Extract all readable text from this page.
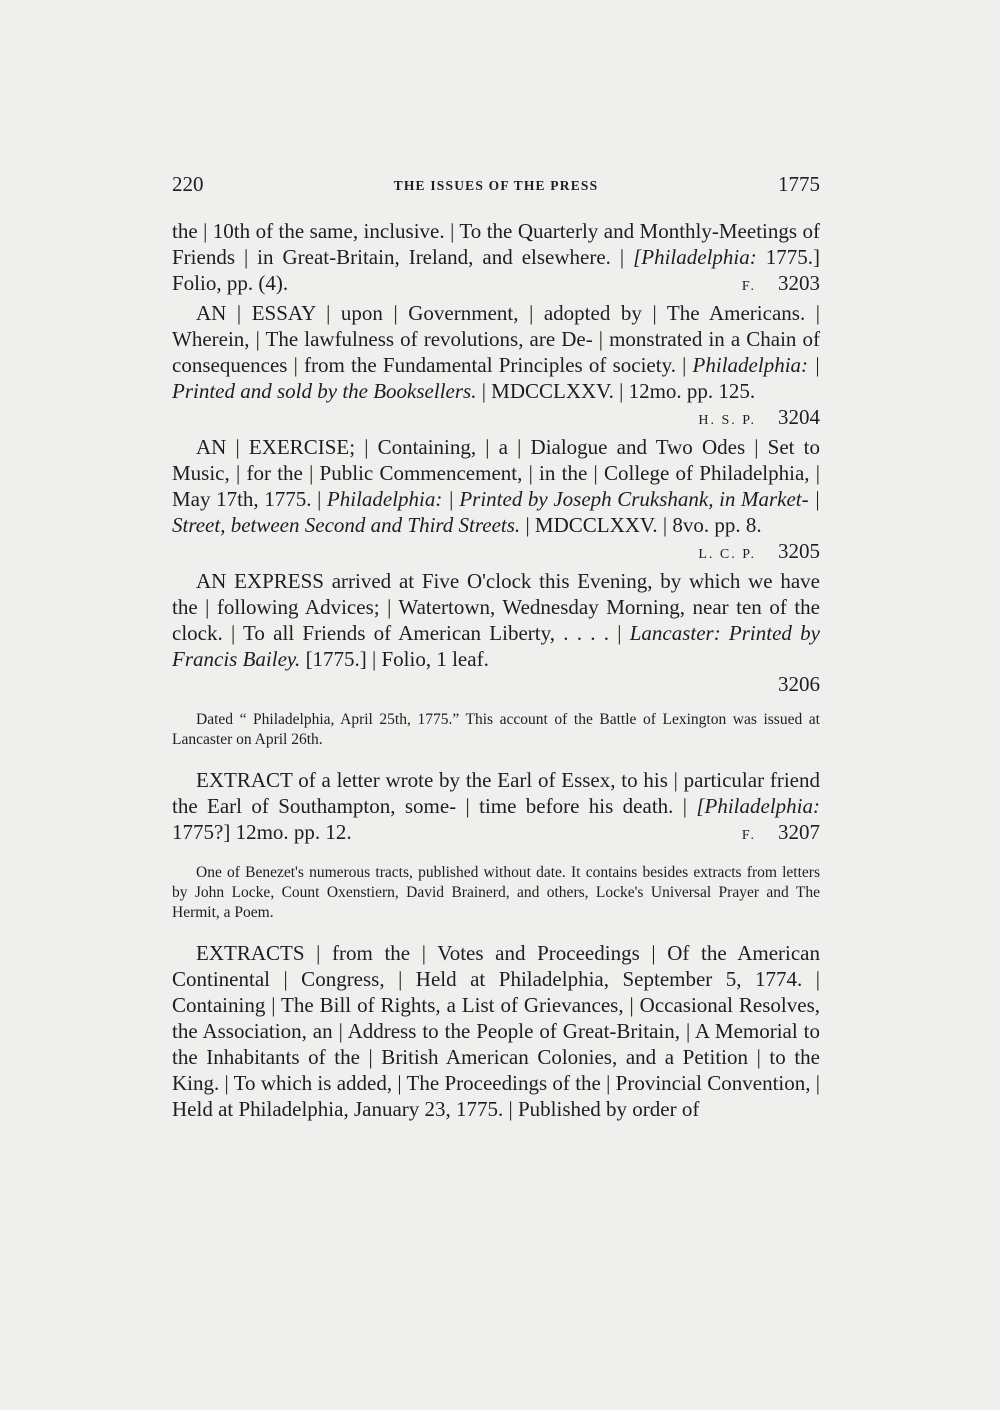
220	THE ISSUES OF THE PRESS	1775

the | 10th of the same, inclusive. | To the Quarterly and Monthly-Meetings of Friends | in Great-Britain, Ireland, and elsewhere. | [Philadelphia: 1775.] Folio, pp. (4).	F. 3203

AN | ESSAY | upon | Government, | adopted by | The Americans. | Wherein, | The lawfulness of revolutions, are De- | monstrated in a Chain of consequences | from the Fundamental Principles of society. | Philadelphia: | Printed and sold by the Booksellers. | MDCCLXXV. | 12mo. pp. 125.
H. S. P. 3204

AN | EXERCISE; | Containing, | a | Dialogue and Two Odes | Set to Music, | for the | Public Commencement, | in the | College of Philadelphia, | May 17th, 1775. | Philadelphia: | Printed by Joseph Crukshank, in Market- | Street, between Second and Third Streets. | MDCCLXXV. | 8vo. pp. 8.
L. C. P. 3205

AN EXPRESS arrived at Five O'clock this Evening, by which we have the | following Advices; | Watertown, Wednesday Morning, near ten of the clock. | To all Friends of American Liberty, . . . . | Lancaster: Printed by Francis Bailey. [1775.] | Folio, 1 leaf.

3206

Dated “ Philadelphia, April 25th, 1775.” This account of the Battle of Lexington was issued at Lancaster on April 26th.

EXTRACT of a letter wrote by the Earl of Essex, to his | particular friend the Earl of Southampton, some- | time before his death. | [Philadelphia: 1775?] 12mo. pp. 12.	F. 3207

One of Benezet's numerous tracts, published without date. It contains besides extracts from letters by John Locke, Count Oxenstiern, David Brainerd, and others, Locke's Universal Prayer and The Hermit, a Poem.

EXTRACTS | from the | Votes and Proceedings | Of the American Continental | Congress, | Held at Philadelphia, September 5, 1774. | Containing | The Bill of Rights, a List of Grievances, | Occasional Resolves, the Association, an | Address to the People of Great-Britain, | A Memorial to the Inhabitants of the | British American Colonies, and a Petition | to the King. | To which is added, | The Proceedings of the | Provincial Convention, | Held at Philadelphia, January 23, 1775. | Published by order of
